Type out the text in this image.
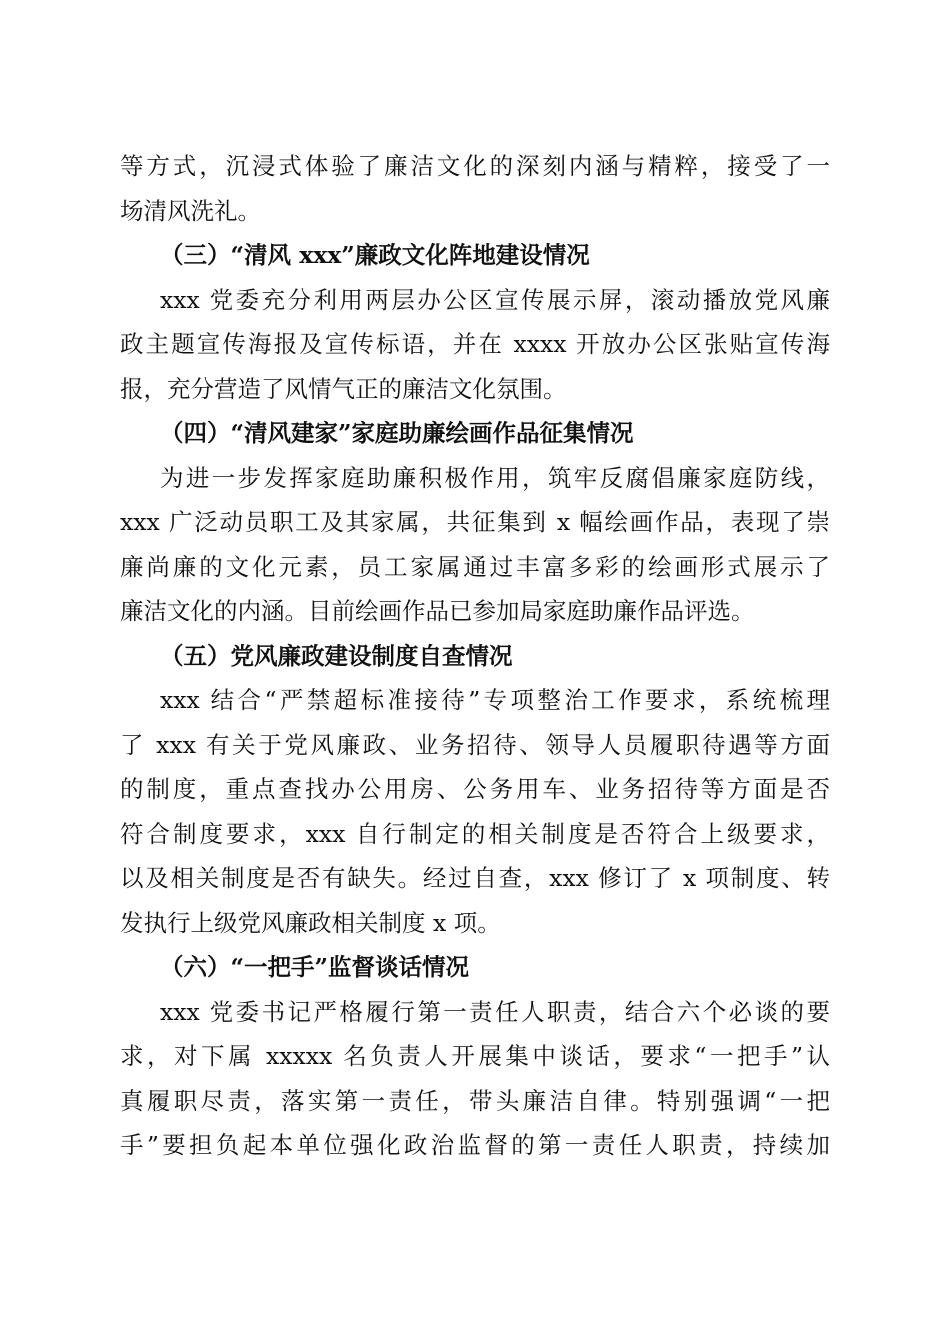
等方式，沉浸式体验了廉洁文化的深刻内涵与精粹，接受了一
场清风洗礼。
（三）“清风 xxx”廉政文化阵地建设情况
xxx 党委充分利用两层办公区宣传展示屏，滚动播放党风廉
政主题宣传海报及宣传标语，并在 xxxx 开放办公区张贴宣传海
报，充分营造了风情气正的廉洁文化氛围。
（四）“清风建家”家庭助廉绘画作品征集情况
为进一步发挥家庭助廉积极作用，筑牢反腐倡廉家庭防线，
xxx 广泛动员职工及其家属，共征集到 x 幅绘画作品，表现了崇
廉尚廉的文化元素，员工家属通过丰富多彩的绘画形式展示了
廉洁文化的内涵。目前绘画作品已参加局家庭助廉作品评选。
（五）党风廉政建设制度自查情况
xxx 结合“严禁超标准接待”专项整治工作要求，系统梳理
了 xxx 有关于党风廉政、业务招待、领导人员履职待遇等方面
的制度，重点查找办公用房、公务用车、业务招待等方面是否
符合制度要求，xxx 自行制定的相关制度是否符合上级要求，
以及相关制度是否有缺失。经过自查，xxx 修订了 x 项制度、转
发执行上级党风廉政相关制度 x 项。
（六）“一把手”监督谈话情况
xxx 党委书记严格履行第一责任人职责，结合六个必谈的要
求，对下属 xxxxx 名负责人开展集中谈话，要求“一把手”认
真履职尽责，落实第一责任，带头廉洁自律。特别强调“一把
手”要担负起本单位强化政治监督的第一责任人职责，持续加
